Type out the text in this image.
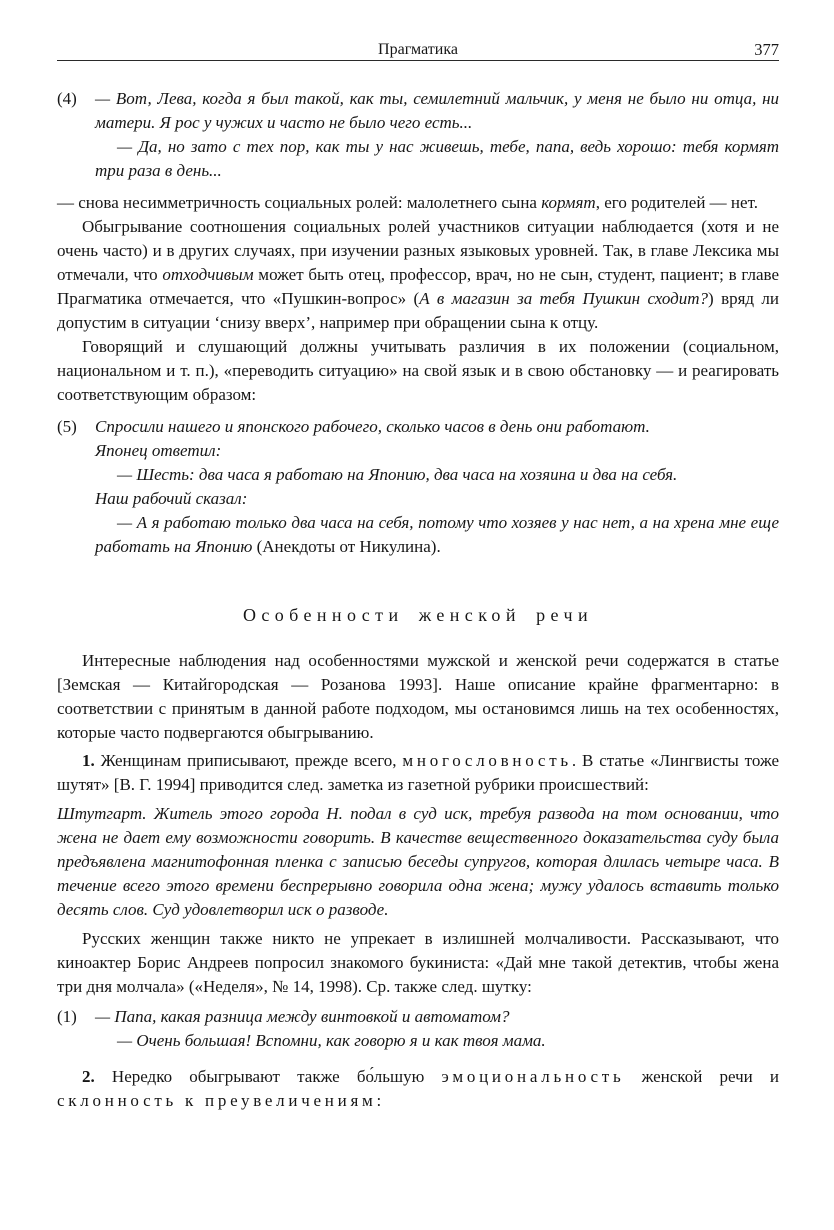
Прагматика	377
(4)	— Вот, Лева, когда я был такой, как ты, семилетний мальчик, у меня не было ни отца, ни матери. Я рос у чужих и часто не было чего есть...

— Да, но зато с тех пор, как ты у нас живешь, тебе, папа, ведь хорошо: тебя кормят три раза в день...

— снова несимметричность социальных ролей: малолетнего сына кормят, его родителей — нет.

Обыгрывание соотношения социальных ролей участников ситуации наблюдается (хотя и не очень часто) и в других случаях, при изучении разных языковых уровней. Так, в главе Лексика мы отмечали, что отходчивым может быть отец, профессор, врач, но не сын, студент, пациент; в главе Прагматика отмечается, что «Пушкин-вопрос» (А в магазин за тебя Пушкин сходит?) вряд ли допустим в ситуации ‘снизу вверх’, например при обращении сына к отцу.

Говорящий и слушающий должны учитывать различия в их положении (социальном, национальном и т. п.), «переводить ситуацию» на свой язык и в свою обстановку — и реагировать соответствующим образом:

(5)	Спросили нашего и японского рабочего, сколько часов в день они работают.

Японец ответил:

— Шесть: два часа я работаю на Японию, два часа на хозяина и два на себя.

Наш рабочий сказал:

— А я работаю только два часа на себя, потому что хозяев у нас нет, а на хрена мне еще работать на Японию (Анекдоты от Никулина).

Особенности женской речи

Интересные наблюдения над особенностями мужской и женской речи содержатся в статье [Земская — Китайгородская — Розанова 1993]. Наше описание крайне фрагментарно: в соответствии с принятым в данной работе подходом, мы остановимся лишь на тех особенностях, которые часто подвергаются обыгрыванию.

1. Женщинам приписывают, прежде всего, многословность. В статье «Лингвисты тоже шутят» [В. Г. 1994] приводится след. заметка из газетной рубрики происшествий:

Штутгарт. Житель этого города Н. подал в суд иск, требуя развода на том основании, что жена не дает ему возможности говорить. В качестве вещественного доказательства суду была предъявлена магнитофонная пленка с записью беседы супругов, которая длилась четыре часа. В течение всего этого времени беспрерывно говорила одна жена; мужу удалось вставить только десять слов. Суд удовлетворил иск о разводе.

Русских женщин также никто не упрекает в излишней молчаливости. Рассказывают, что киноактер Борис Андреев попросил знакомого букиниста: «Дай мне такой детектив, чтобы жена три дня молчала» («Неделя», № 14, 1998). Ср. также след. шутку:

(1)	— Папа, какая разница между винтовкой и автоматом?

— Очень большая! Вспомни, как говорю я и как твоя мама.

2. Нередко обыгрывают также бо́льшую эмоциональность женской речи и склонность к преувеличениям:
